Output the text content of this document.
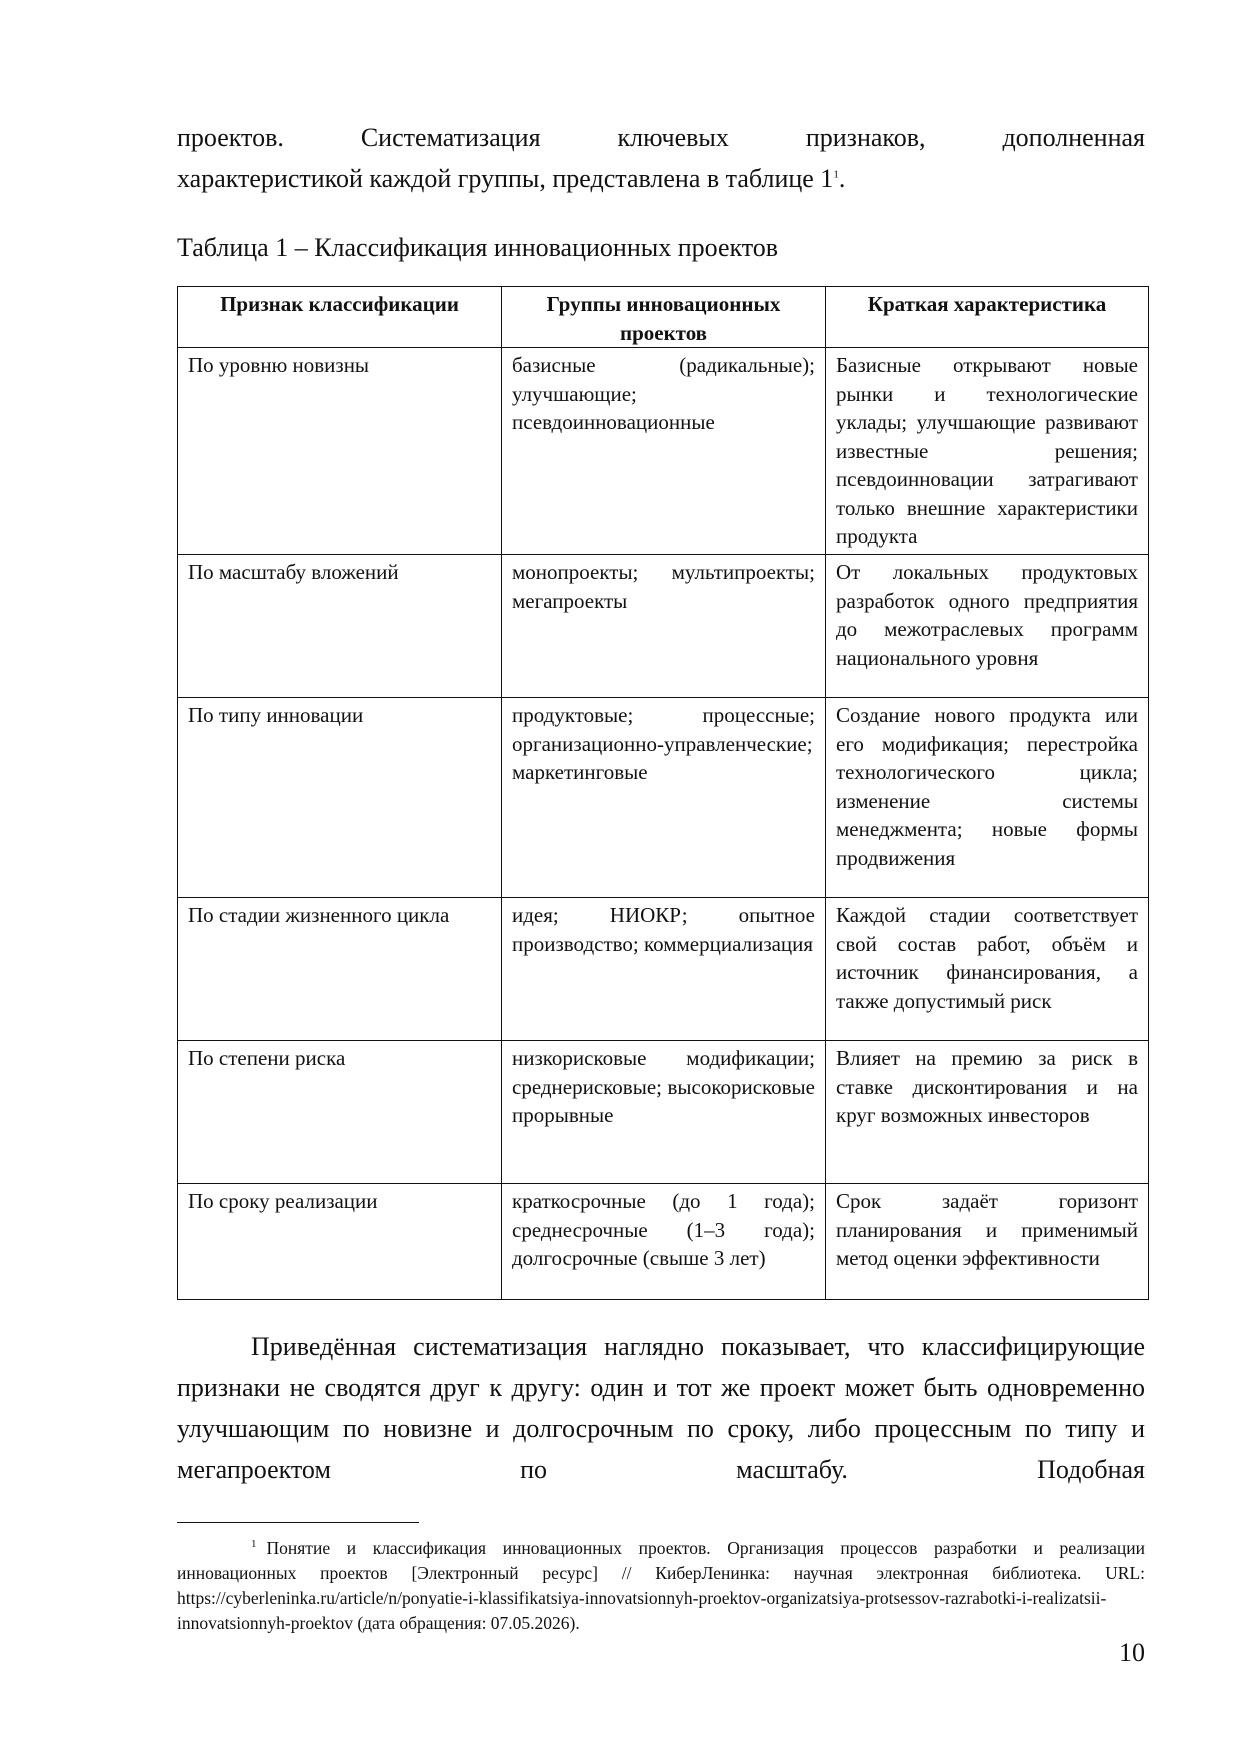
проектов. Систематизация ключевых признаков, дополненная
характеристикой каждой группы, представлена в таблице 1$^1$.

Таблица 1 – Классификация инновационных проектов

Признак классификации	Группы инновационных проектов	Краткая характеристика
По уровню новизны	базисные (радикальные); улучшающие; псевдоинновационные	Базисные открывают новые рынки и технологические уклады; улучшающие развивают известные решения; псевдоинновации затрагивают только внешние характеристики продукта
По масштабу вложений	монопроекты; мультипроекты; мегапроекты	От локальных продуктовых разработок одного предприятия до межотраслевых программ национального уровня
По типу инновации	продуктовые; процессные; организационно-управленческие; маркетинговые	Создание нового продукта или его модификация; перестройка технологического цикла; изменение системы менеджмента; новые формы продвижения
По стадии жизненного цикла	идея; НИОКР; опытное производство; коммерциализация	Каждой стадии соответствует свой состав работ, объём и источник финансирования, а также допустимый риск
По степени риска	низкорисковые модификации; среднерисковые; высокорисковые прорывные	Влияет на премию за риск в ставке дисконтирования и на круг возможных инвесторов
По сроку реализации	краткосрочные (до 1 года); среднесрочные (1–3 года); долгосрочные (свыше 3 лет)	Срок задаёт горизонт планирования и применимый метод оценки эффективности
Приведённая систематизация наглядно показывает, что классифицирующие признаки не сводятся друг к другу: один и тот же проект может быть одновременно улучшающим по новизне и долгосрочным по сроку, либо процессным по типу и мегапроектом по масштабу. Подобная

$^1$ Понятие и классификация инновационных проектов. Организация процессов разработки и реализации инновационных проектов [Электронный ресурс] // КиберЛенинка: научная электронная библиотека. URL: https://cyberleninka.ru/article/n/ponyatie-i-klassifikatsiya-innovatsionnyh-proektov-organizatsiya-protsessov-razrabotki-i-realizatsii-innovatsionnyh-proektov (дата обращения: 07.05.2026).

10
